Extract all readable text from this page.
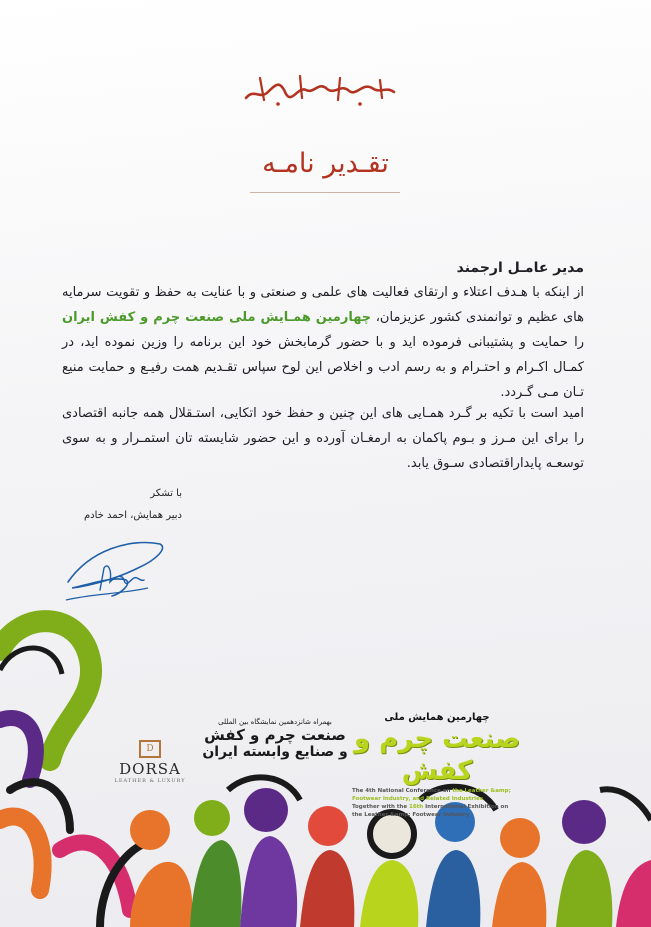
تقـدیر نامـه
مدیر عامـل ارجمند

از اینکه با هـدف اعتلاء و ارتقای فعالیت های علمی و صنعتی و با عنایت به حفظ و تقویت سرمایه های عظیم و توانمندی کشور عزیزمان، چهارمین همـایش ملی صنعت چرم و کفش ایران را حمایت و پشتیبانی فرموده اید و با حضور گرمابخش خود این برنامه را وزین نموده اید، در کمـال اکـرام و احتـرام و به رسم ادب و اخلاص این لوح سپاس تقـدیم همت رفیـع و حمایت منیع تـان مـی گـردد.

امید است با تکیه بر گـرد همـایی های این چنین و حفظ خود اتکایی، استـقلال همه جانبه اقتصادی را برای این مـرز و بـوم پاکمان به ارمغـان آورده و این حضور شایسته تان استمـرار و به سوی توسعـه پایداراقتصادی سـوق یابد.

با تشکر

دبیر همایش، احمد خادم

D
DORSA
LEATHER & LUXURY
بهمراه شانزدهمین نمایشگاه بین المللی
صنعت چرم و کفش
و صنایع وابسته ایران
چهارمین همایش ملی
صنعت چرم و کفش
The 4th National Conference on the Leather &amp;
Footwear Industry, and Related Industries
Together with the 16th International Exhibition on
the Leather &amp; Footwear Industry
